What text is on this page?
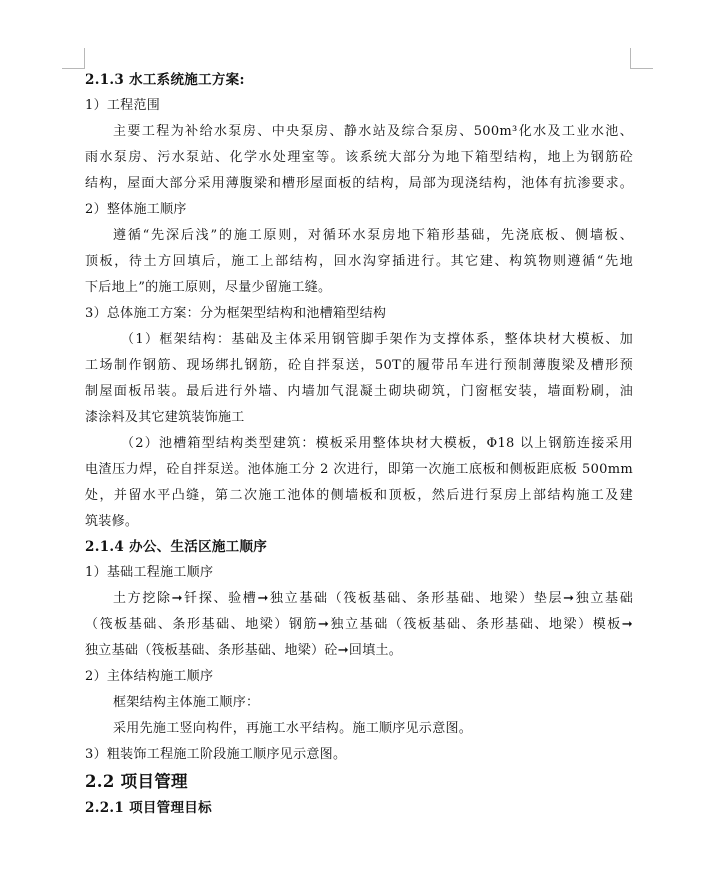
2.1.3 水工系统施工方案:
1）工程范围
主要工程为补给水泵房、中央泵房、静水站及综合泵房、500m³化水及工业水池、
雨水泵房、污水泵站、化学水处理室等。该系统大部分为地下箱型结构，地上为钢筋砼
结构，屋面大部分采用薄腹梁和槽形屋面板的结构，局部为现浇结构，池体有抗渗要求。
2）整体施工顺序
遵循“先深后浅”的施工原则，对循环水泵房地下箱形基础，先浇底板、侧墙板、
顶板，待土方回填后，施工上部结构，回水沟穿插进行。其它建、构筑物则遵循“先地
下后地上”的施工原则，尽量少留施工缝。
3）总体施工方案：分为框架型结构和池槽箱型结构
（1）框架结构：基础及主体采用钢管脚手架作为支撑体系，整体块材大模板、加
工场制作钢筋、现场绑扎钢筋，砼自拌泵送，50T的履带吊车进行预制薄腹梁及槽形预
制屋面板吊装。最后进行外墙、内墙加气混凝土砌块砌筑，门窗框安装，墙面粉刷，油
漆涂料及其它建筑装饰施工
（2）池槽箱型结构类型建筑：模板采用整体块材大模板，Φ18 以上钢筋连接采用
电渣压力焊，砼自拌泵送。池体施工分 2 次进行，即第一次施工底板和侧板距底板 500mm
处，并留水平凸缝，第二次施工池体的侧墙板和顶板，然后进行泵房上部结构施工及建
筑装修。
2.1.4 办公、生活区施工顺序
1）基础工程施工顺序
土方挖除➞钎探、验槽➞独立基础（筏板基础、条形基础、地梁）垫层➞独立基础
（筏板基础、条形基础、地梁）钢筋➞独立基础（筏板基础、条形基础、地梁）模板➞
独立基础（筏板基础、条形基础、地梁）砼➞回填土。
2）主体结构施工顺序
框架结构主体施工顺序：
采用先施工竖向构件，再施工水平结构。施工顺序见示意图。
3）粗装饰工程施工阶段施工顺序见示意图。
2.2 项目管理
2.2.1 项目管理目标
